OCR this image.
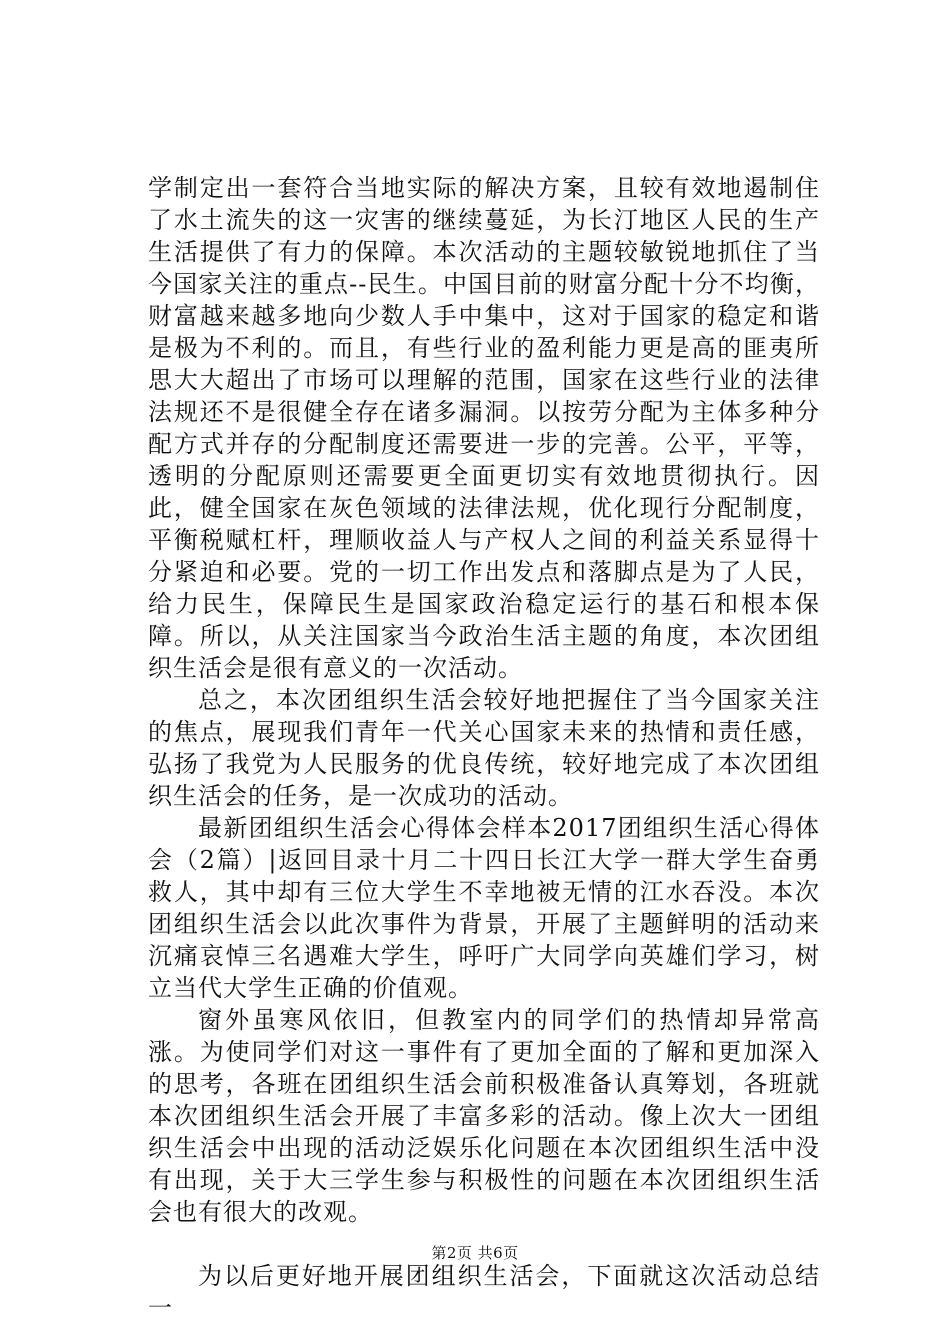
学制定出一套符合当地实际的解决方案，且较有效地遏制住了水土流失的这一灾害的继续蔓延，为长汀地区人民的生产生活提供了有力的保障。本次活动的主题较敏锐地抓住了当今国家关注的重点--民生。中国目前的财富分配十分不均衡，财富越来越多地向少数人手中集中，这对于国家的稳定和谐是极为不利的。而且，有些行业的盈利能力更是高的匪夷所思大大超出了市场可以理解的范围，国家在这些行业的法律法规还不是很健全存在诸多漏洞。以按劳分配为主体多种分配方式并存的分配制度还需要进一步的完善。公平，平等，透明的分配原则还需要更全面更切实有效地贯彻执行。因此，健全国家在灰色领域的法律法规，优化现行分配制度，平衡税赋杠杆，理顺收益人与产权人之间的利益关系显得十分紧迫和必要。党的一切工作出发点和落脚点是为了人民，给力民生，保障民生是国家政治稳定运行的基石和根本保障。所以，从关注国家当今政治生活主题的角度，本次团组织生活会是很有意义的一次活动。

总之，本次团组织生活会较好地把握住了当今国家关注的焦点，展现我们青年一代关心国家未来的热情和责任感，弘扬了我党为人民服务的优良传统，较好地完成了本次团组织生活会的任务，是一次成功的活动。

最新团组织生活会心得体会样本2017团组织生活心得体会（2篇）|返回目录十月二十四日长江大学一群大学生奋勇救人，其中却有三位大学生不幸地被无情的江水吞没。本次团组织生活会以此次事件为背景，开展了主题鲜明的活动来沉痛哀悼三名遇难大学生，呼吁广大同学向英雄们学习，树立当代大学生正确的价值观。

窗外虽寒风依旧，但教室内的同学们的热情却异常高涨。为使同学们对这一事件有了更加全面的了解和更加深入的思考，各班在团组织生活会前积极准备认真筹划，各班就本次团组织生活会开展了丰富多彩的活动。像上次大一团组织生活会中出现的活动泛娱乐化问题在本次团组织生活中没有出现，关于大三学生参与积极性的问题在本次团组织生活会也有很大的改观。

为以后更好地开展团组织生活会，下面就这次活动总结一

第2页 共6页
